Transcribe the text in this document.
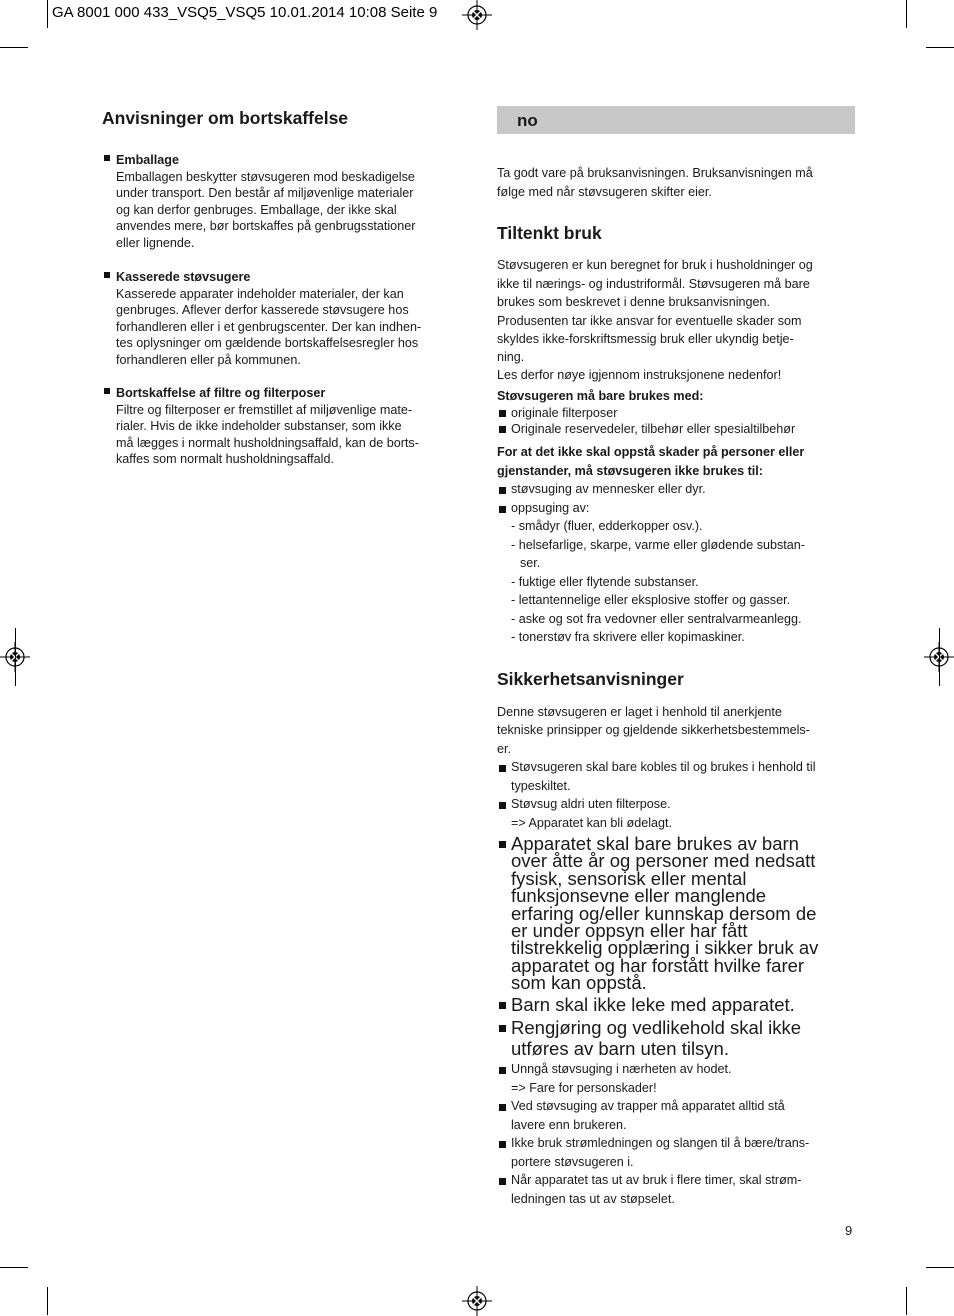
GA 8001 000 433_VSQ5_VSQ5 10.01.2014 10:08 Seite 9
Anvisninger om bortskaffelse
Emballage
Emballagen beskytter støvsugeren mod beskadigelse
under transport. Den består af miljøvenlige materialer
og kan derfor genbruges. Emballage, der ikke skal
anvendes mere, bør bortskaffes på genbrugsstationer
eller lignende.
Kasserede støvsugere
Kasserede apparater indeholder materialer, der kan
genbruges. Aflever derfor kasserede støvsugere hos
forhandleren eller i et genbrugscenter. Der kan indhen-
tes oplysninger om gældende bortskaffelsesregler hos
forhandleren eller på kommunen.
Bortskaffelse af filtre og filterposer
Filtre og filterposer er fremstillet af miljøvenlige mate-
rialer. Hvis de ikke indeholder substanser, som ikke
må lægges i normalt husholdningsaffald, kan de borts-
kaffes som normalt husholdningsaffald.
no
Ta godt vare på bruksanvisningen. Bruksanvisningen må
følge med når støvsugeren skifter eier.
Tiltenkt bruk
Støvsugeren er kun beregnet for bruk i husholdninger og
ikke til nærings- og industriformål. Støvsugeren må bare
brukes som beskrevet i denne bruksanvisningen.
Produsenten tar ikke ansvar for eventuelle skader som
skyldes ikke-forskriftsmessig bruk eller ukyndig betje-
ning.
Les derfor nøye igjennom instruksjonene nedenfor!
Støvsugeren må bare brukes med:
originale filterposer
Originale reservedeler, tilbehør eller spesialtilbehør
For at det ikke skal oppstå skader på personer eller
gjenstander, må støvsugeren ikke brukes til:
støvsuging av mennesker eller dyr.
oppsuging av:
- smådyr (fluer, edderkopper osv.).
- helsefarlige, skarpe, varme eller glødende substan-
ser.
- fuktige eller flytende substanser.
- lettantennelige eller eksplosive stoffer og gasser.
- aske og sot fra vedovner eller sentralvarmeanlegg.
- tonerstøv fra skrivere eller kopimaskiner.
Sikkerhetsanvisninger
Denne støvsugeren er laget i henhold til anerkjente
tekniske prinsipper og gjeldende sikkerhetsbestemmels-
er.
Støvsugeren skal bare kobles til og brukes i henhold til
typeskiltet.
Støvsug aldri uten filterpose.
=> Apparatet kan bli ødelagt.
Apparatet skal bare brukes av barn
over åtte år og personer med nedsatt
fysisk, sensorisk eller mental
funksjonsevne eller manglende
erfaring og/eller kunnskap dersom de
er under oppsyn eller har fått
tilstrekkelig opplæring i sikker bruk av
apparatet og har forstått hvilke farer
som kan oppstå.
Barn skal ikke leke med apparatet.
Rengjøring og vedlikehold skal ikke
utføres av barn uten tilsyn.
Unngå støvsuging i nærheten av hodet.
=> Fare for personskader!
Ved støvsuging av trapper må apparatet alltid stå
lavere enn brukeren.
Ikke bruk strømledningen og slangen til å bære/trans-
portere støvsugeren i.
Når apparatet tas ut av bruk i flere timer, skal strøm-
ledningen tas ut av støpselet.
9
